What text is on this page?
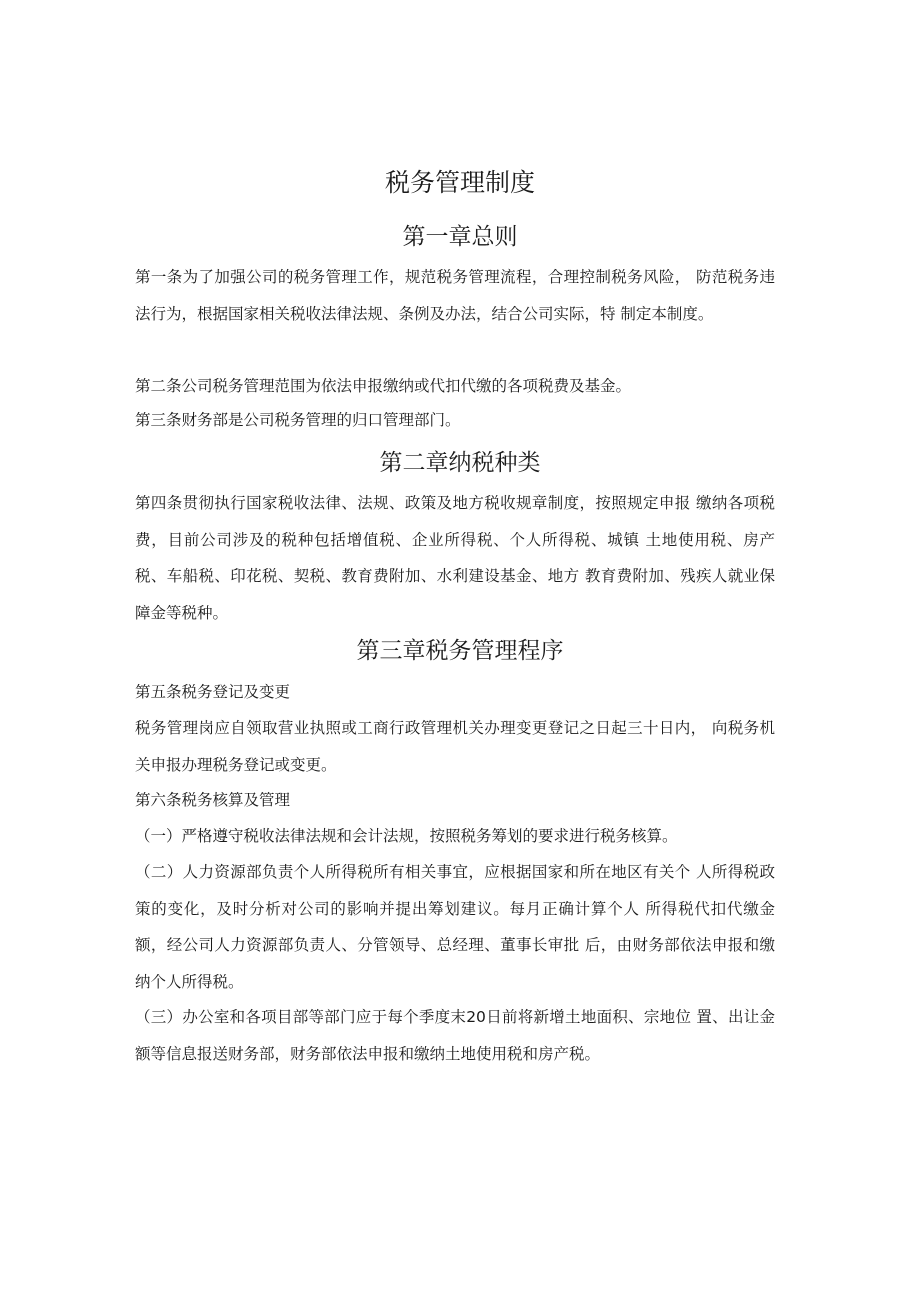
税务管理制度
第一章总则

第一条为了加强公司的税务管理工作，规范税务管理流程，合理控制税务风险， 防范税务违法行为，根据国家相关税收法律法规、条例及办法，结合公司实际，特 制定本制度。

第二条公司税务管理范围为依法申报缴纳或代扣代缴的各项税费及基金。

第三条财务部是公司税务管理的归口管理部门。

第二章纳税种类

第四条贯彻执行国家税收法律、法规、政策及地方税收规章制度，按照规定申报 缴纳各项税费，目前公司涉及的税种包括增值税、企业所得税、个人所得税、城镇 土地使用税、房产税、车船税、印花税、契税、教育费附加、水利建设基金、地方 教育费附加、残疾人就业保障金等税种。

第三章税务管理程序

第五条税务登记及变更

税务管理岗应自领取营业执照或工商行政管理机关办理变更登记之日起三十日内， 向税务机关申报办理税务登记或变更。

第六条税务核算及管理

（一）严格遵守税收法律法规和会计法规，按照税务筹划的要求进行税务核算。

（二）人力资源部负责个人所得税所有相关事宜，应根据国家和所在地区有关个 人所得税政策的变化，及时分析对公司的影响并提出筹划建议。每月正确计算个人 所得税代扣代缴金额，经公司人力资源部负责人、分管领导、总经理、董事长审批 后，由财务部依法申报和缴纳个人所得税。

（三）办公室和各项目部等部门应于每个季度末20日前将新增土地面积、宗地位 置、出让金额等信息报送财务部，财务部依法申报和缴纳土地使用税和房产税。
